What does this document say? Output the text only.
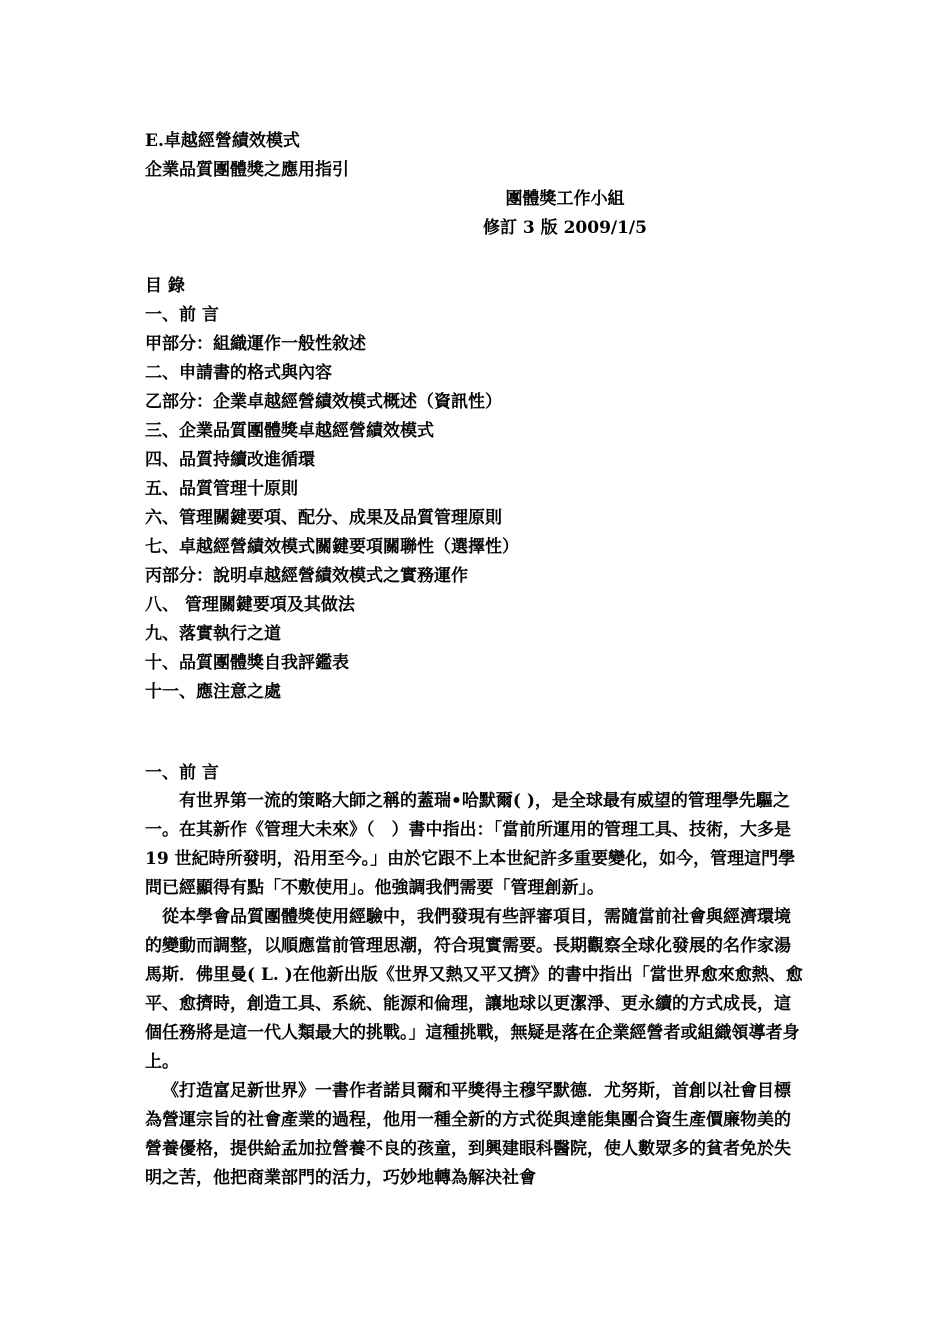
E.卓越經營績效模式
企業品質團體獎之應用指引
團體獎工作小組
修訂 3 版 2009/1/5
目 錄
一、前 言
甲部分：組織運作一般性敘述
二、申請書的格式與內容
乙部分：企業卓越經營績效模式概述（資訊性）
三、企業品質團體獎卓越經營績效模式
四、品質持續改進循環
五、品質管理十原則
六、管理關鍵要項、配分、成果及品質管理原則
七、卓越經營績效模式關鍵要項關聯性（選擇性）
丙部分：說明卓越經營績效模式之實務運作
八、 管理關鍵要項及其做法
九、落實執行之道
十、品質團體獎自我評鑑表
十一、應注意之處
一、前 言

有世界第一流的策略大師之稱的蓋瑞•哈默爾( )，是全球最有威望的管理學先驅之一。在其新作《管理大未來》（　）書中指出：「當前所運用的管理工具、技術，大多是 19 世紀時所發明，沿用至今。」由於它跟不上本世紀許多重要變化，如今，管理這門學問已經顯得有點「不敷使用」。他強調我們需要「管理創新」。

從本學會品質團體獎使用經驗中，我們發現有些評審項目，需隨當前社會與經濟環境的變動而調整，以順應當前管理思潮，符合現實需要。長期觀察全球化發展的名作家湯馬斯．佛里曼( L. )在他新出版《世界又熱又平又擠》的書中指出「當世界愈來愈熱、愈平、愈擠時，創造工具、系統、能源和倫理，讓地球以更潔淨、更永續的方式成長，這個任務將是這一代人類最大的挑戰。」這種挑戰，無疑是落在企業經營者或組織領導者身上。

《打造富足新世界》一書作者諾貝爾和平獎得主穆罕默德．尤努斯，首創以社會目標為營運宗旨的社會產業的過程，他用一種全新的方式從與達能集團合資生產價廉物美的營養優格，提供給孟加拉營養不良的孩童，到興建眼科醫院，使人數眾多的貧者免於失明之苦，他把商業部門的活力，巧妙地轉為解決社會
